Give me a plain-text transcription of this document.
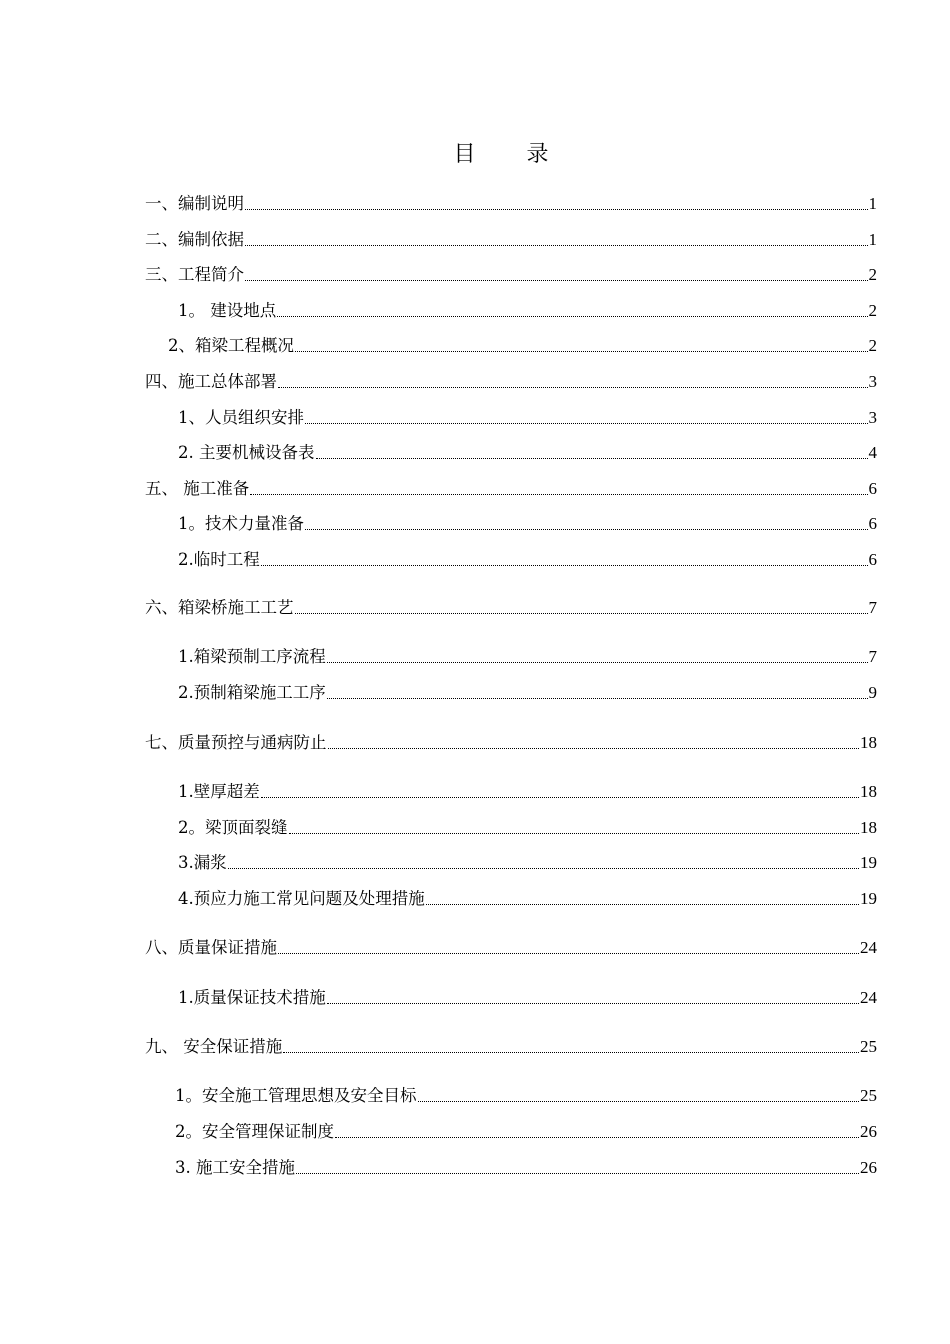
目 录
一、编制说明	1
二、编制依据	1
三、工程简介	2
1。 建设地点	2
2、箱梁工程概况	2
四、施工总体部署	3
1、人员组织安排	3
2. 主要机械设备表	4
五、 施工准备	6
1。技术力量准备	6
2.临时工程	6
六、箱梁桥施工工艺	7
1.箱梁预制工序流程	7
2.预制箱梁施工工序	9
七、质量预控与通病防止	18
1.壁厚超差	18
2。梁顶面裂缝	18
3.漏浆	19
4.预应力施工常见问题及处理措施	19
八、质量保证措施	24
1.质量保证技术措施	24
九、 安全保证措施	25
1。安全施工管理思想及安全目标	25
2。安全管理保证制度	26
3. 施工安全措施	26
